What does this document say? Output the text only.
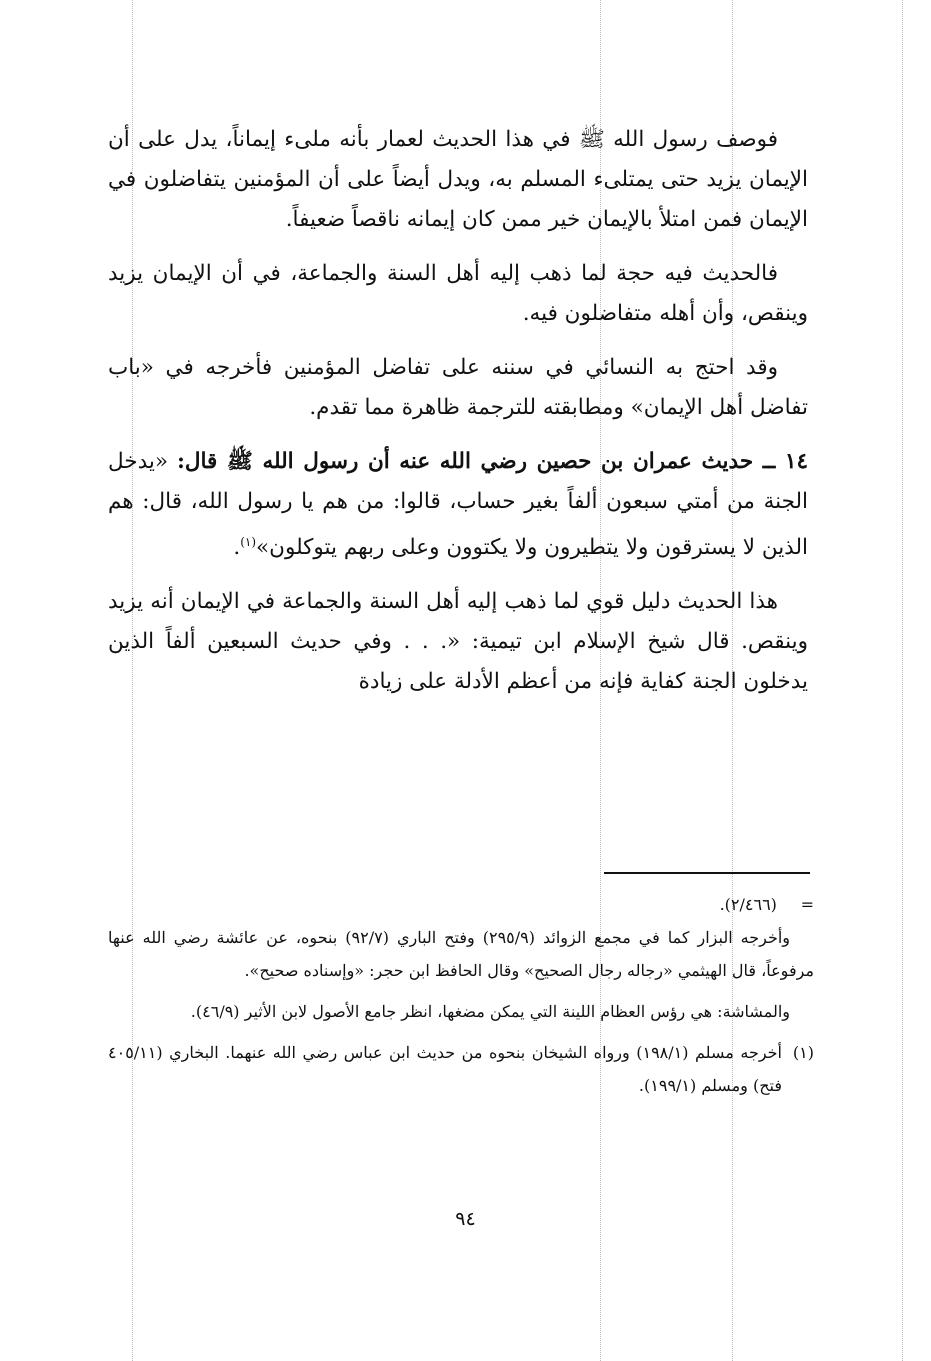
فوصف رسول الله ﷺ في هذا الحديث لعمار بأنه ملىء إيماناً، يدل على أن الإيمان يزيد حتى يمتلىء المسلم به، ويدل أيضاً على أن المؤمنين يتفاضلون في الإيمان فمن امتلأ بالإيمان خير ممن كان إيمانه ناقصاً ضعيفاً.

فالحديث فيه حجة لما ذهب إليه أهل السنة والجماعة، في أن الإيمان يزيد وينقص، وأن أهله متفاضلون فيه.

وقد احتج به النسائي في سننه على تفاضل المؤمنين فأخرجه في «باب تفاضل أهل الإيمان» ومطابقته للترجمة ظاهرة مما تقدم.

١٤ ــ حديث عمران بن حصين رضي الله عنه أن رسول الله ﷺ قال: «يدخل الجنة من أمتي سبعون ألفاً بغير حساب، قالوا: من هم يا رسول الله، قال: هم الذين لا يسترقون ولا يتطيرون ولا يكتوون وعلى ربهم يتوكلون»$^{(١)}$.

هذا الحديث دليل قوي لما ذهب إليه أهل السنة والجماعة في الإيمان أنه يزيد وينقص. قال شيخ الإسلام ابن تيمية: «. . . وفي حديث السبعين ألفاً الذين يدخلون الجنة كفاية فإنه من أعظم الأدلة على زيادة

= (٢/٤٦٦).

وأخرجه البزار كما في مجمع الزوائد (٢٩٥/٩) وفتح الباري (٩٢/٧) بنحوه، عن عائشة رضي الله عنها مرفوعاً، قال الهيثمي «رجاله رجال الصحيح» وقال الحافظ ابن حجر: «وإسناده صحيح».

والمشاشة: هي رؤس العظام اللينة التي يمكن مضغها، انظر جامع الأصول لابن الأثير (٤٦/٩).

(١)
أخرجه مسلم (١٩٨/١) ورواه الشيخان بنحوه من حديث ابن عباس رضي الله عنهما. البخاري (٤٠٥/١١ فتح) ومسلم (١٩٩/١).
٩٤
